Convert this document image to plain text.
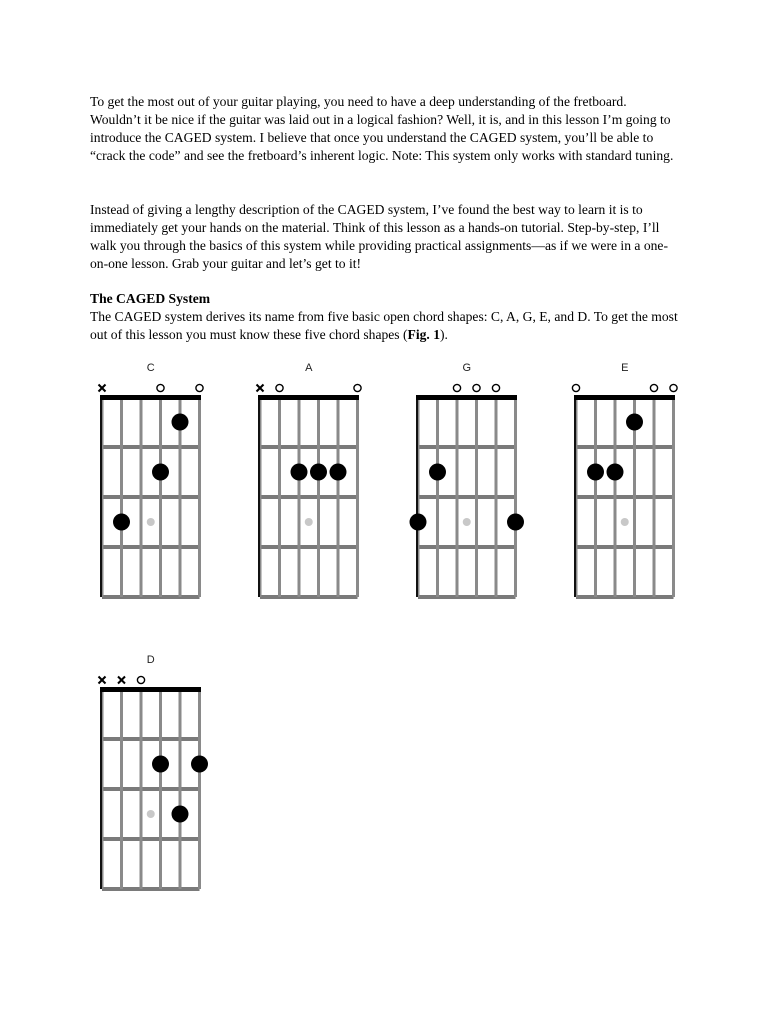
To get the most out of your guitar playing, you need to have a deep understanding of the fretboard. Wouldn’t it be nice if the guitar was laid out in a logical fashion? Well, it is, and in this lesson I’m going to introduce the CAGED system. I believe that once you understand the CAGED system, you’ll be able to “crack the code” and see the fretboard’s inherent logic. Note: This system only works with standard tuning.

Instead of giving a lengthy description of the CAGED system, I’ve found the best way to learn it is to immediately get your hands on the material. Think of this lesson as a hands-on tutorial. Step-by-step, I’ll walk you through the basics of this system while providing practical assignments—as if we were in a one-on-one lesson. Grab your guitar and let’s get to it!

The CAGED System

The CAGED system derives its name from five basic open chord shapes: C, A, G, E, and D. To get the most out of this lesson you must know these five chord shapes (Fig. 1).

C	A	G	E
D
